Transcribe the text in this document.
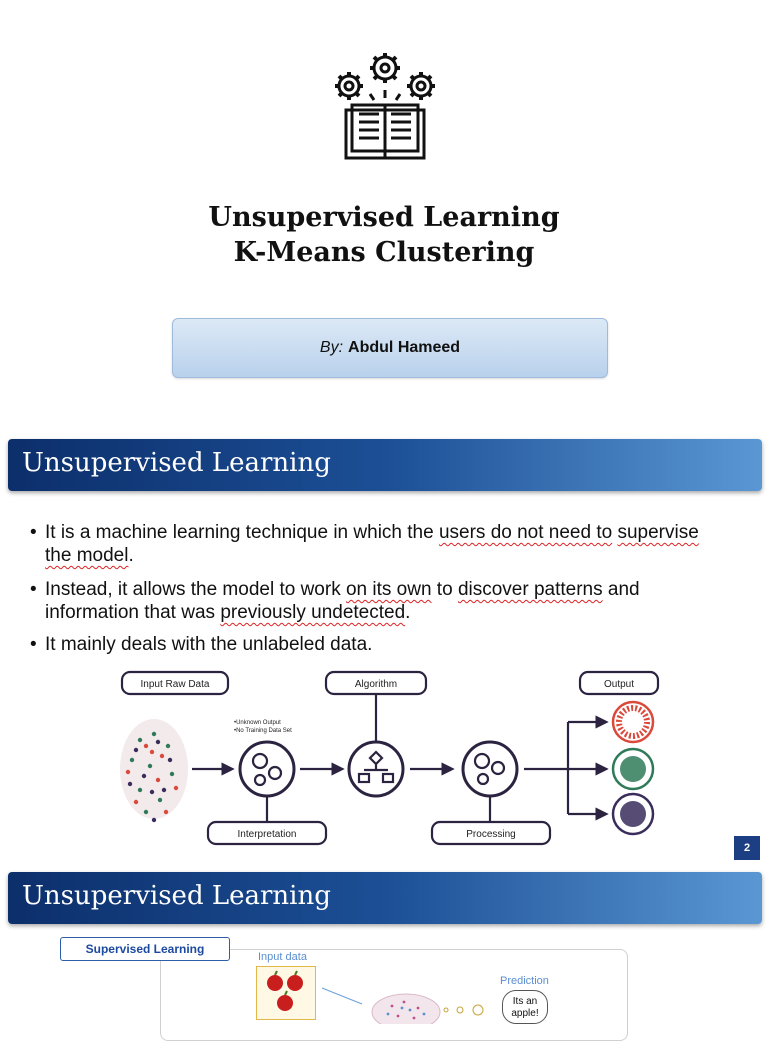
Unsupervised Learning
K-Means Clustering
By: Abdul Hameed
Unsupervised Learning
• It is a machine learning technique in which the users do not need to supervise the model.
• Instead, it allows the model to work on its own to discover patterns and information that was previously undetected.
• It mainly deals with the unlabeled data.
Input Raw Data	Algorithm	Output
Interpretation	Processing
•Unknown Output
•No Training Data Set
2
Unsupervised Learning
Supervised Learning
Input data
Prediction
Its an
apple!
